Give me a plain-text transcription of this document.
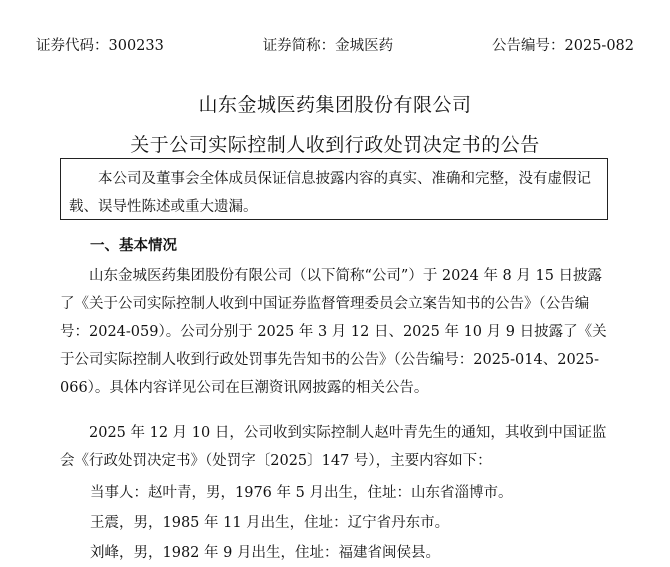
证券代码：300233	证券简称：金城医药	公告编号：2025-082
山东金城医药集团股份有限公司
关于公司实际控制人收到行政处罚决定书的公告
本公司及董事会全体成员保证信息披露内容的真实、准确和完整，没有虚假记载、误导性陈述或重大遗漏。
一、基本情况
山东金城医药集团股份有限公司（以下简称“公司”）于 2024 年 8 月 15 日披露了《关于公司实际控制人收到中国证券监督管理委员会立案告知书的公告》（公告编号：2024-059）。公司分别于 2025 年 3 月 12 日、2025 年 10 月 9 日披露了《关于公司实际控制人收到行政处罚事先告知书的公告》（公告编号：2025-014、2025-066）。具体内容详见公司在巨潮资讯网披露的相关公告。
2025 年 12 月 10 日，公司收到实际控制人赵叶青先生的通知，其收到中国证监会《行政处罚决定书》（处罚字〔2025〕147 号），主要内容如下：
当事人：赵叶青，男，1976 年 5 月出生，住址：山东省淄博市。
王震，男，1985 年 11 月出生，住址：辽宁省丹东市。
刘峰，男，1982 年 9 月出生，住址：福建省闽侯县。
